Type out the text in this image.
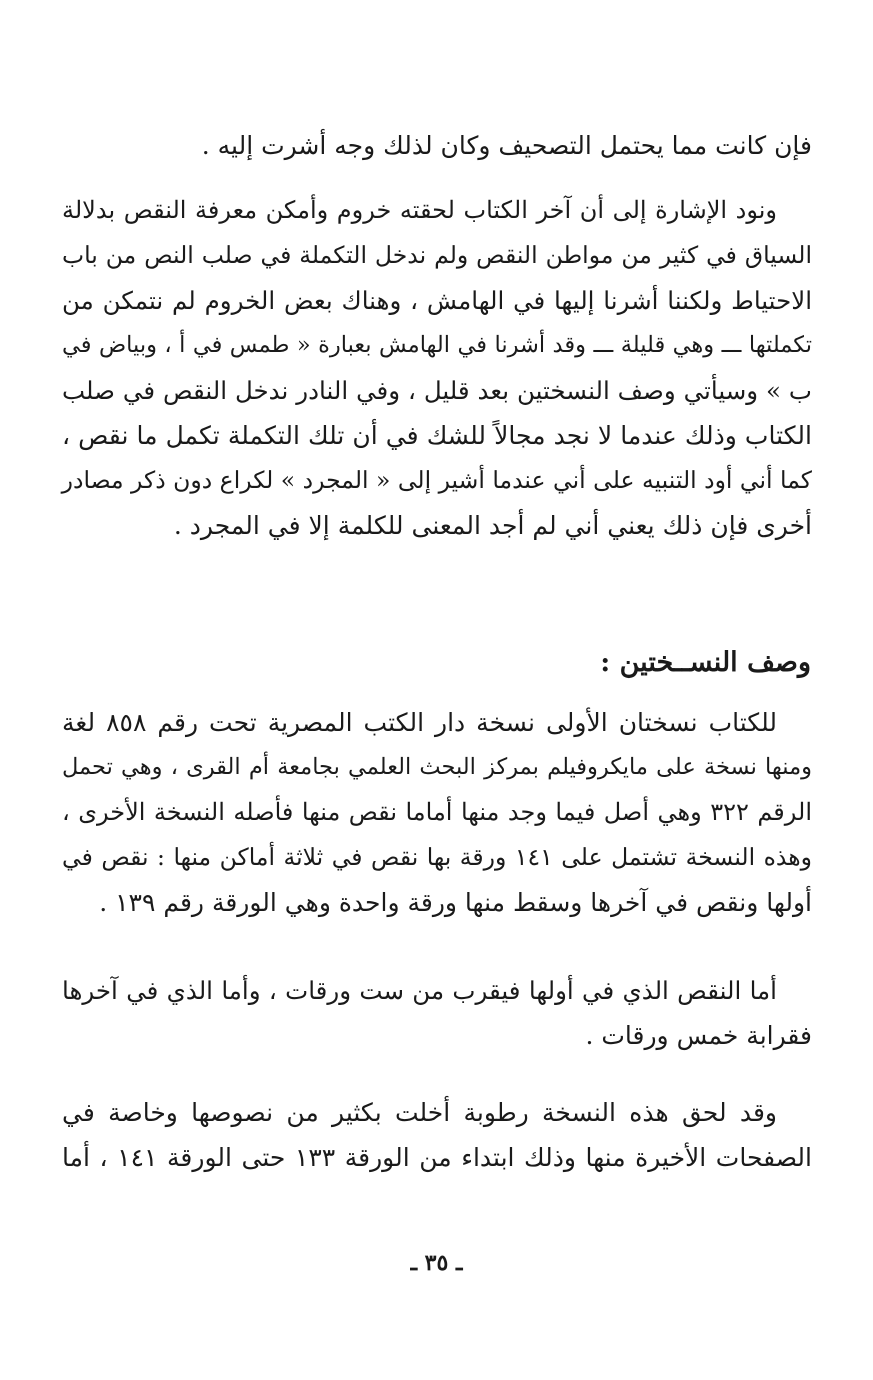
فإن كانت مما يحتمل التصحيف وكان لذلك وجه أشرت إليه .
ونود الإشارة إلى أن آخر الكتاب لحقته خروم وأمكن معرفة النقص بدلالة
السياق في كثير من مواطن النقص ولم ندخل التكملة في صلب النص من باب
الاحتياط ولكننا أشرنا إليها في الهامش ، وهناك بعض الخروم لم نتمكن من
تكملتها ـــ وهي قليلة ـــ وقد أشرنا في الهامش بعبارة « طمس في أ ، وبياض في
ب » وسيأتي وصف النسختين بعد قليل ، وفي النادر ندخل النقص في صلب
الكتاب وذلك عندما لا نجد مجالاً للشك في أن تلك التكملة تكمل ما نقص ،
كما أني أود التنبيه على أني عندما أشير إلى « المجرد » لكراع دون ذكر مصادر
أخرى فإن ذلك يعني أني لم أجد المعنى للكلمة إلا في المجرد .
وصف النســختين :
للكتاب نسختان الأولى نسخة دار الكتب المصرية تحت رقم ٨٥٨ لغة
ومنها نسخة على مايكروفيلم بمركز البحث العلمي بجامعة أم القرى ، وهي تحمل
الرقم ٣٢٢ وهي أصل فيما وجد منها أماما نقص منها فأصله النسخة الأخرى ،
وهذه النسخة تشتمل على ١٤١ ورقة بها نقص في ثلاثة أماكن منها : نقص في
أولها ونقص في آخرها وسقط منها ورقة واحدة وهي الورقة رقم ١٣٩ .
أما النقص الذي في أولها فيقرب من ست ورقات ، وأما الذي في آخرها
فقرابة خمس ورقات .
وقد لحق هذه النسخة رطوبة أخلت بكثير من نصوصها وخاصة في
الصفحات الأخيرة منها وذلك ابتداء من الورقة ١٣٣ حتى الورقة ١٤١ ، أما
ـ ٣٥ ـ
